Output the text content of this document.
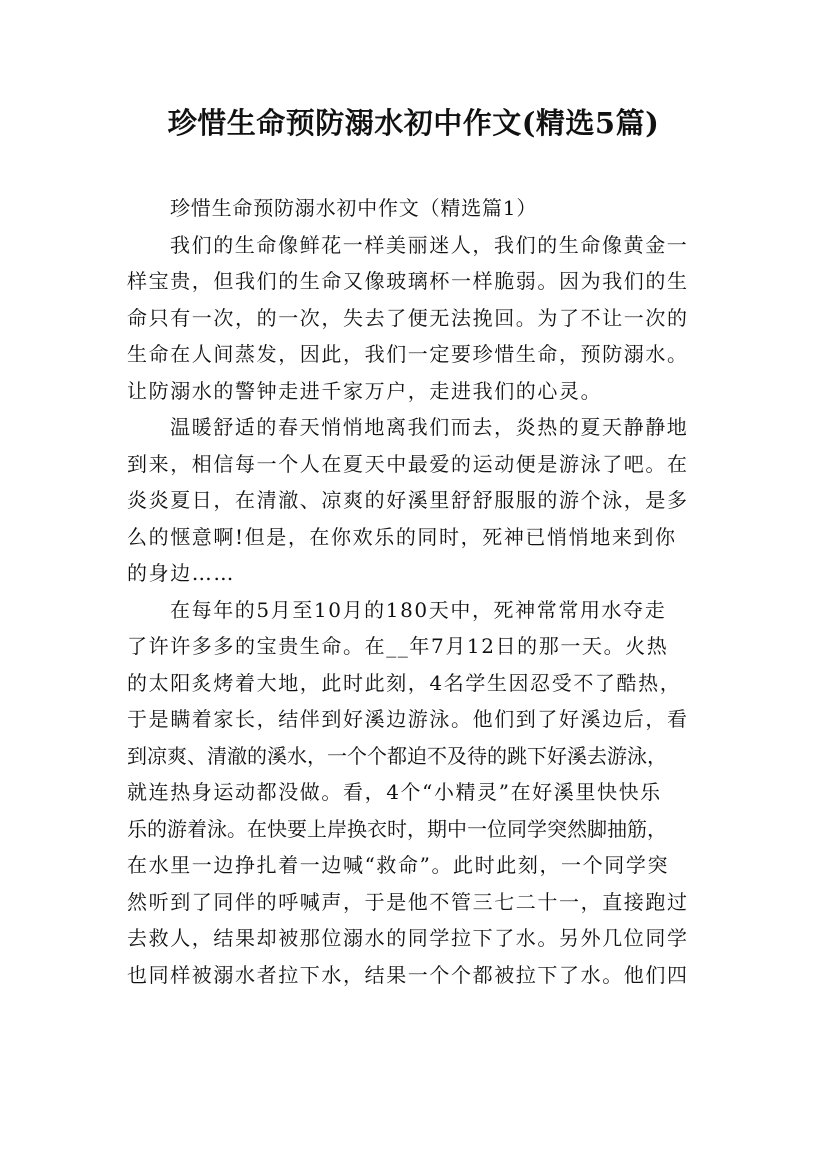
珍惜生命预防溺水初中作文(精选5篇)
珍惜生命预防溺水初中作文（精选篇1）
我们的生命像鲜花一样美丽迷人，我们的生命像黄金一
样宝贵，但我们的生命又像玻璃杯一样脆弱。因为我们的生
命只有一次，的一次，失去了便无法挽回。为了不让一次的
生命在人间蒸发，因此，我们一定要珍惜生命，预防溺水。
让防溺水的警钟走进千家万户，走进我们的心灵。
温暖舒适的春天悄悄地离我们而去，炎热的夏天静静地
到来，相信每一个人在夏天中最爱的运动便是游泳了吧。在
炎炎夏日，在清澈、凉爽的好溪里舒舒服服的游个泳，是多
么的惬意啊!但是，在你欢乐的同时，死神已悄悄地来到你
的身边……
在每年的5月至10月的180天中，死神常常用水夺走
了许许多多的宝贵生命。在__年7月12日的那一天。火热
的太阳炙烤着大地，此时此刻，4名学生因忍受不了酷热，
于是瞒着家长，结伴到好溪边游泳。他们到了好溪边后，看
到凉爽、清澈的溪水，一个个都迫不及待的跳下好溪去游泳，
就连热身运动都没做。看，4个“小精灵”在好溪里快快乐
乐的游着泳。在快要上岸换衣时，期中一位同学突然脚抽筋，
在水里一边挣扎着一边喊“救命”。此时此刻，一个同学突
然听到了同伴的呼喊声，于是他不管三七二十一，直接跑过
去救人，结果却被那位溺水的同学拉下了水。另外几位同学
也同样被溺水者拉下水，结果一个个都被拉下了水。他们四
